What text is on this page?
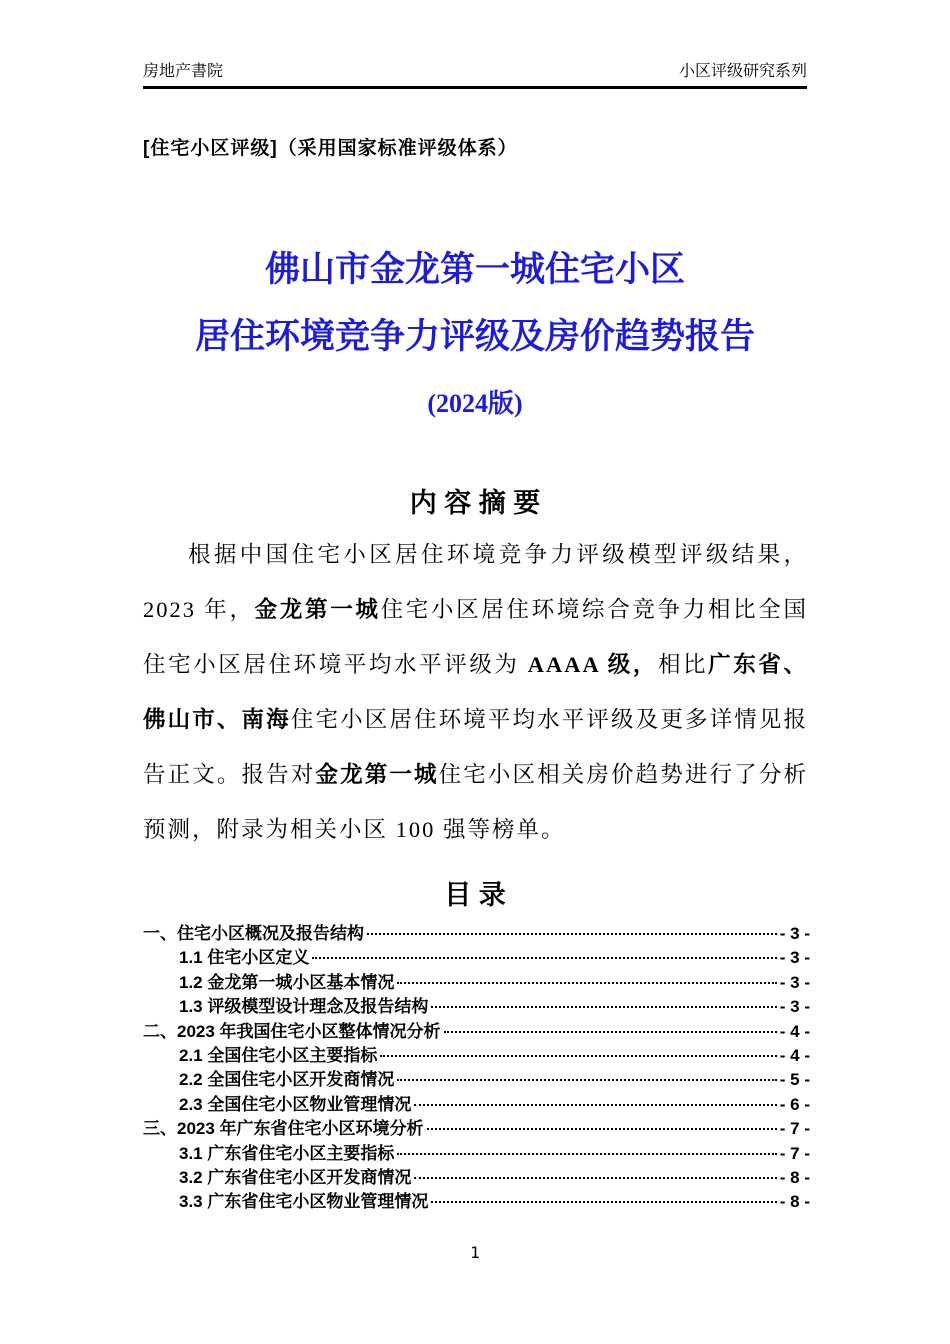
房地产書院	小区评级研究系列
[住宅小区评级]（采用国家标准评级体系）
佛山市金龙第一城住宅小区
居住环境竞争力评级及房价趋势报告
(2024版)
内 容 摘 要

根据中国住宅小区居住环境竞争力评级模型评级结果，2023 年，金龙第一城住宅小区居住环境综合竞争力相比全国住宅小区居住环境平均水平评级为 AAAA 级，相比广东省、佛山市、南海住宅小区居住环境平均水平评级及更多详情见报告正文。报告对金龙第一城住宅小区相关房价趋势进行了分析预测，附录为相关小区 100 强等榜单。

目 录
一、住宅小区概况及报告结构	- 3 -
1.1 住宅小区定义	- 3 -
1.2 金龙第一城小区基本情况	- 3 -
1.3 评级模型设计理念及报告结构	- 3 -
二、2023 年我国住宅小区整体情况分析	- 4 -
2.1 全国住宅小区主要指标	- 4 -
2.2 全国住宅小区开发商情况	- 5 -
2.3 全国住宅小区物业管理情况	- 6 -
三、2023 年广东省住宅小区环境分析	- 7 -
3.1 广东省住宅小区主要指标	- 7 -
3.2 广东省住宅小区开发商情况	- 8 -
3.3 广东省住宅小区物业管理情况	- 8 -
1
